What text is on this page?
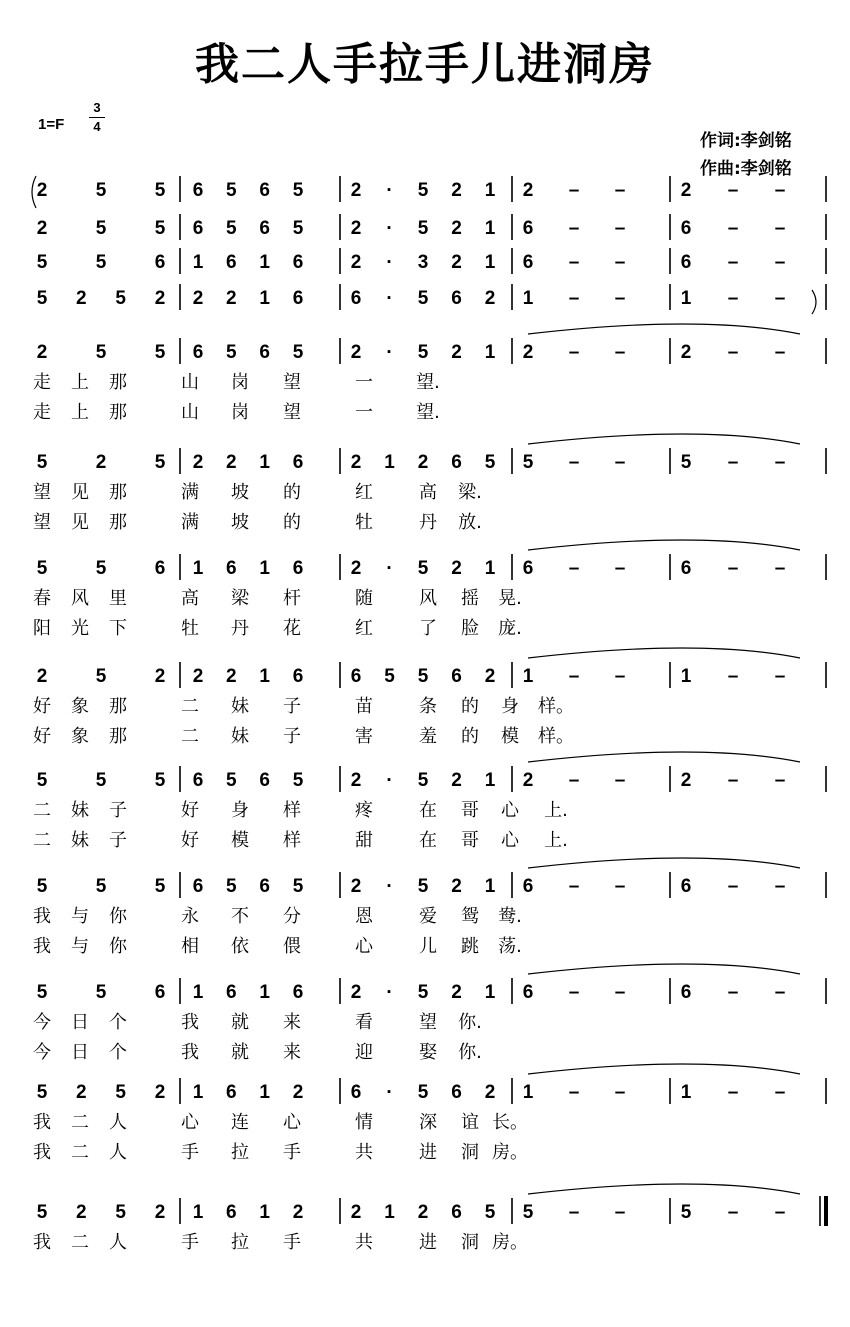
我二人手拉手儿进洞房
1=F
3
4
作词:李剑铭
作曲:李剑铭
2	5	5 6 5 6 5 2 · 5 2 1 2 – –	2 – –
2	5	5 6 5 6 5 2 · 5 2 1 6 – –	6 – –
5	5	6 1 6 1 6 2 · 3 2 1 6 – –	6 – –
5 2 5 2 2 2 1 6 6 · 5 6 2 1 – –	1 – –
2	5	5 6 5 6 5 2 · 5 2 1 2 – –	2 – –
走 上 那	山 岗 望	一 望.
走 上 那	山 岗 望	一 望.
5	2	5 2 2 1 6 2 1 2 6 5 5 – –	5 – –
望 见 那	满 坡 的	红	高 梁.
望 见 那	满 坡 的	牡	丹 放.
5	5	6 1 6 1 6 2 · 5 2 1 6 – –	6 – –
春 风 里	高 梁 杆	随	风 摇 晃.
阳 光 下	牡 丹 花	红	了 脸 庞.
2	5	2 2 2 1 6 6 5 5 6 2 1 – –	1 – –
好 象 那	二 妹 子	苗	条 的 身 样。
好 象 那	二 妹 子	害	羞 的 模 样。
5	5	5 6 5 6 5 2 · 5 2 1 2 – –	2 – –
二 妹 子	好 身 样	疼	在 哥 心 上.
二 妹 子	好 模 样	甜	在 哥 心 上.
5	5	5 6 5 6 5 2 · 5 2 1 6 – –	6 – –
我 与 你	永 不 分	恩	爱 鸳 鸯.
我 与 你	相 依 偎	心	儿 跳 荡.
5	5	6 1 6 1 6 2 · 5 2 1 6 – –	6 – –
今 日 个	我 就 来	看	望 你.
今 日 个	我 就 来	迎	娶 你.
5 2 5 2 1 6 1 2 6 · 5 6 2 1 – –	1 – –
我 二 人	心 连 心	情	深 谊 长。
我 二 人	手 拉 手	共	进 洞 房。
5 2 5 2 1 6 1 2 2 1 2 6 5 5 – –	5 – –
我 二 人	手 拉 手	共	进 洞 房。
